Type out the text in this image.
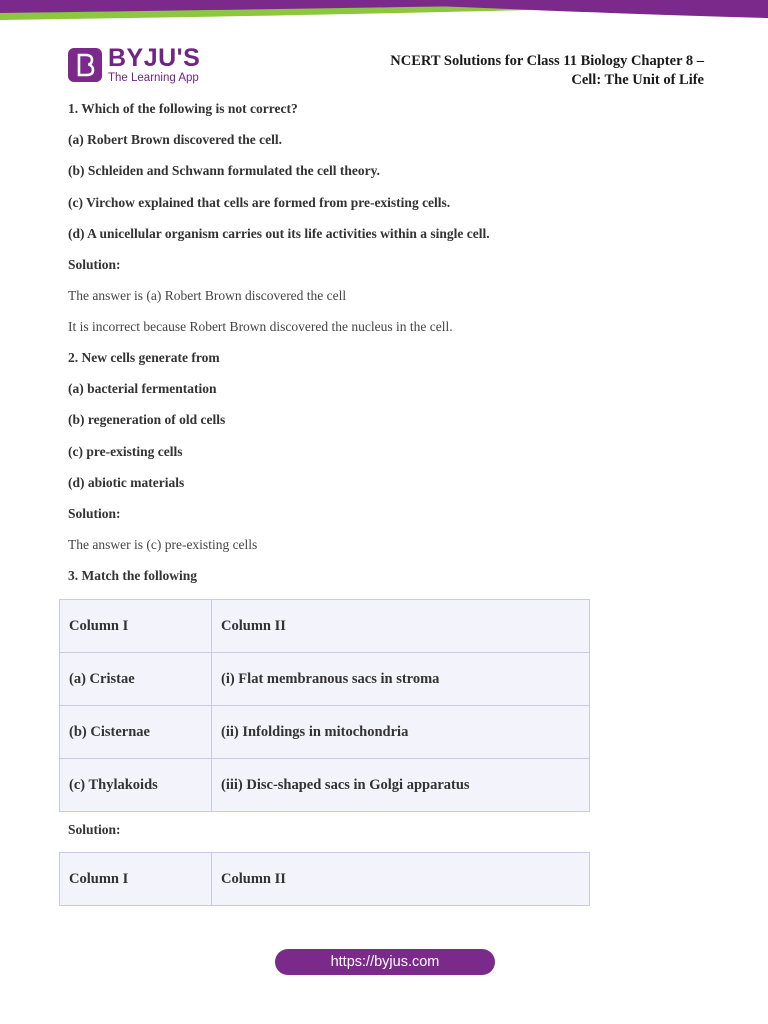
BYJU'S
The Learning App
NCERT Solutions for Class 11 Biology Chapter 8 –
Cell: The Unit of Life
1. Which of the following is not correct?
(a) Robert Brown discovered the cell.
(b) Schleiden and Schwann formulated the cell theory.
(c) Virchow explained that cells are formed from pre-existing cells.
(d) A unicellular organism carries out its life activities within a single cell.
Solution:
The answer is (a) Robert Brown discovered the cell
It is incorrect because Robert Brown discovered the nucleus in the cell.
2. New cells generate from
(a) bacterial fermentation
(b) regeneration of old cells
(c) pre-existing cells
(d) abiotic materials
Solution:
The answer is (c) pre-existing cells
3. Match the following
Column I	Column II
(a) Cristae	(i) Flat membranous sacs in stroma
(b) Cisternae	(ii) Infoldings in mitochondria
(c) Thylakoids	(iii) Disc-shaped sacs in Golgi apparatus
Solution:
Column I	Column II
https://byjus.com
